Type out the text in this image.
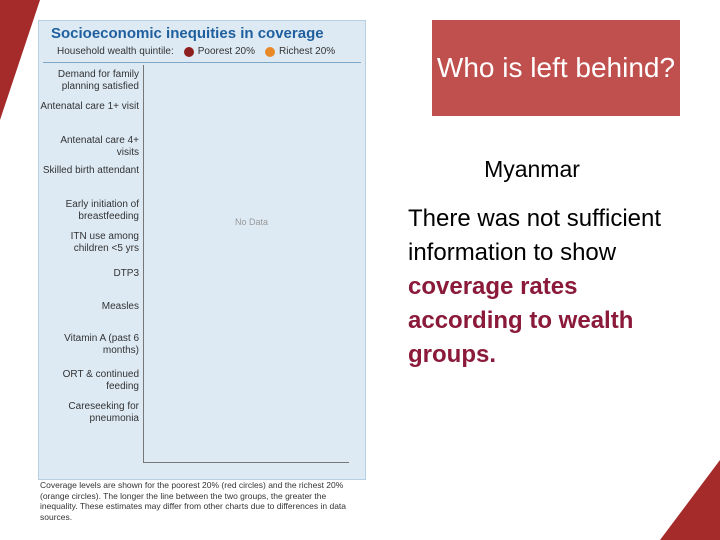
Socioeconomic inequities in coverage
Household wealth quintile: Poorest 20% Richest 20%
Demand for family planning satisfied
Antenatal care 1+ visit
Antenatal care 4+ visits
Skilled birth attendant
Early initiation of breastfeeding
ITN use among children <5 yrs
DTP3
Measles
Vitamin A (past 6 months)
ORT & continued feeding
Careseeking for pneumonia
No Data
Coverage levels are shown for the poorest 20% (red circles) and the richest 20% (orange circles). The longer the line between the two groups, the greater the inequality. These estimates may differ from other charts due to differences in data sources.
Who is left behind?
Myanmar
There was not sufficient information to show coverage rates according to wealth groups.
